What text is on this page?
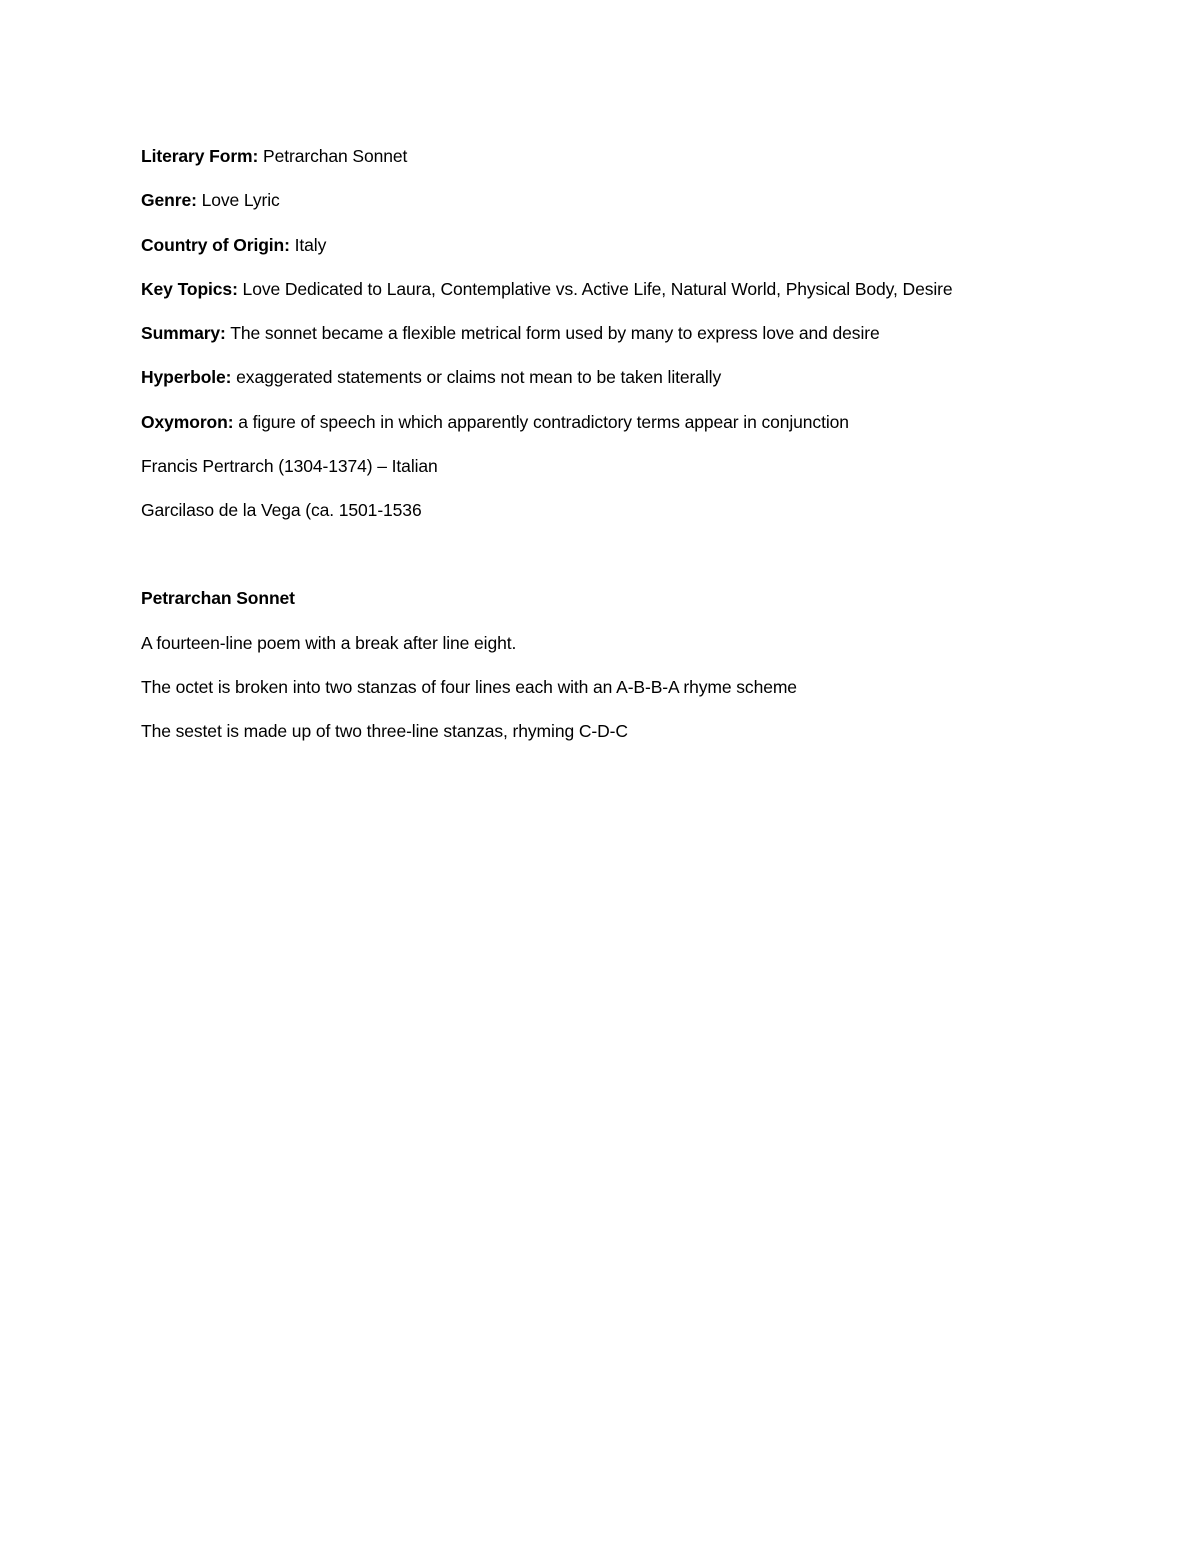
Literary Form: Petrarchan Sonnet
Genre: Love Lyric
Country of Origin: Italy
Key Topics: Love Dedicated to Laura, Contemplative vs. Active Life, Natural World, Physical Body, Desire
Summary: The sonnet became a flexible metrical form used by many to express love and desire
Hyperbole: exaggerated statements or claims not mean to be taken literally
Oxymoron: a figure of speech in which apparently contradictory terms appear in conjunction
Francis Pertrarch (1304-1374) – Italian
Garcilaso de la Vega (ca. 1501-1536
Petrarchan Sonnet
A fourteen-line poem with a break after line eight.
The octet is broken into two stanzas of four lines each with an A-B-B-A rhyme scheme
The sestet is made up of two three-line stanzas, rhyming C-D-C
